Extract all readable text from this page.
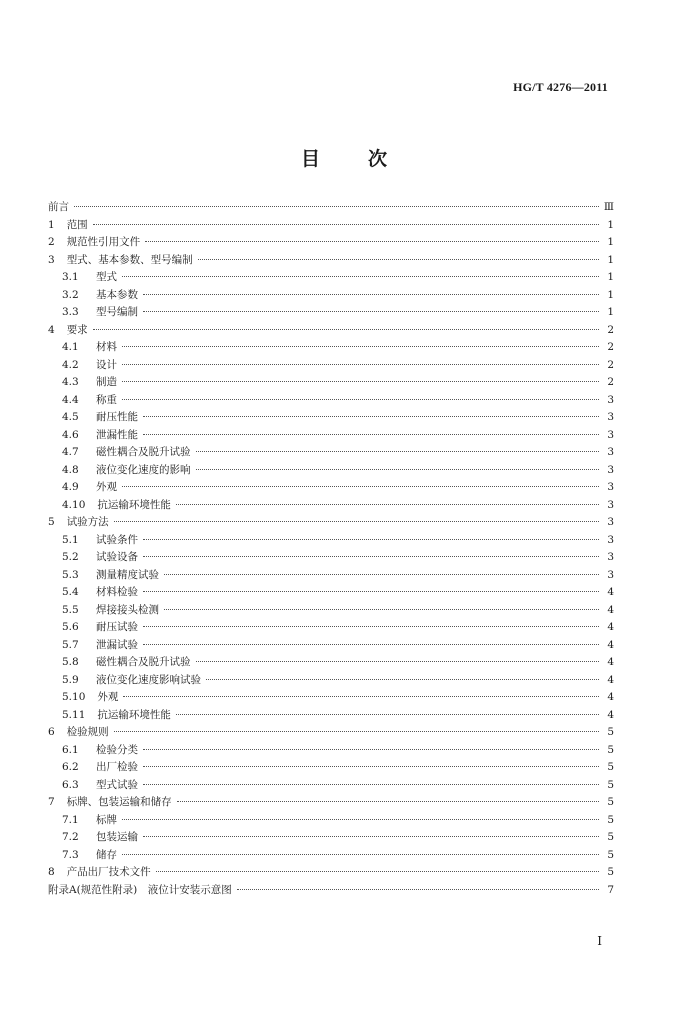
HG/T 4276—2011
目	次
前言	Ⅲ
1 范围	1
2 规范性引用文件	1
3 型式、基本参数、型号编制	1
3.1	型式	1
3.2	基本参数	1
3.3	型号编制	1
4 要求	2
4.1	材料	2
4.2	设计	2
4.3	制造	2
4.4	称重	3
4.5	耐压性能	3
4.6	泄漏性能	3
4.7	磁性耦合及脱升试验	3
4.8	液位变化速度的影响	3
4.9	外观	3
4.10 抗运输环境性能	3
5 试验方法	3
5.1	试验条件	3
5.2	试验设备	3
5.3	测量精度试验	3
5.4	材料检验	4
5.5	焊接接头检测	4
5.6	耐压试验	4
5.7	泄漏试验	4
5.8	磁性耦合及脱升试验	4
5.9	液位变化速度影响试验	4
5.10 外观	4
5.11 抗运输环境性能	4
6 检验规则	5
6.1	检验分类	5
6.2	出厂检验	5
6.3	型式试验	5
7 标牌、包装运输和储存	5
7.1	标牌	5
7.2	包装运输	5
7.3	储存	5
8 产品出厂技术文件	5
附录A(规范性附录)　液位计安装示意图	7
I
